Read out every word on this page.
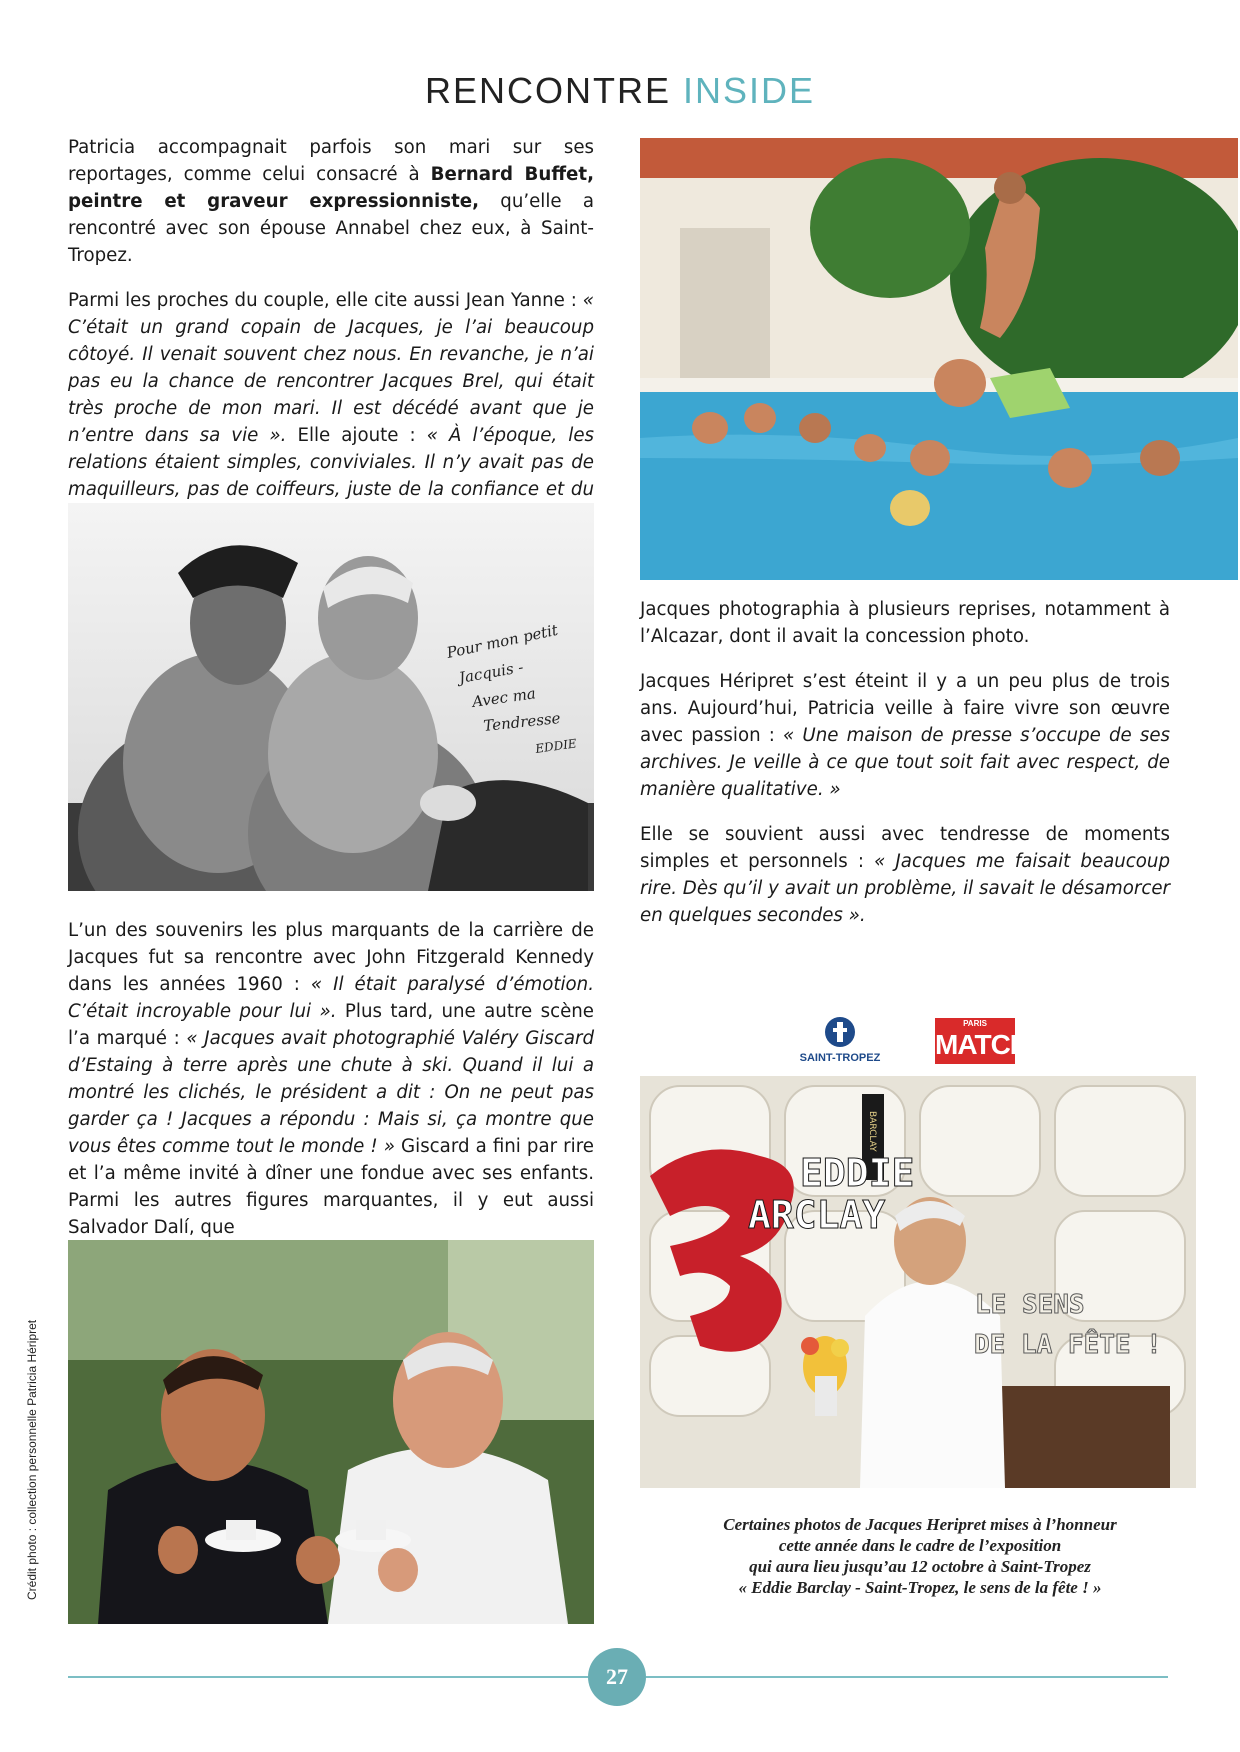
RENCONTRE INSIDE

Patricia accompagnait parfois son mari sur ses reportages, comme celui consacré à Bernard Buffet, peintre et graveur expressionniste, qu’elle a rencontré avec son épouse Annabel chez eux, à Saint-Tropez.

Parmi les proches du couple, elle cite aussi Jean Yanne : « C’était un grand copain de Jacques, je l’ai beaucoup côtoyé. Il venait souvent chez nous. En revanche, je n’ai pas eu la chance de rencontrer Jacques Brel, qui était très proche de mon mari. Il est décédé avant que je n’entre dans sa vie ». Elle ajoute : « À l’époque, les relations étaient simples, conviviales. Il n’y avait pas de maquilleurs, pas de coiffeurs, juste de la confiance et du

Pour mon petit
Jacquis -
Avec ma
Tendresse
EDDIE

L’un des souvenirs les plus marquants de la carrière de Jacques fut sa rencontre avec John Fitzgerald Kennedy dans les années 1960 : « Il était paralysé d’émotion. C’était incroyable pour lui ». Plus tard, une autre scène l’a marqué : « Jacques avait photographié Valéry Giscard d’Estaing à terre après une chute à ski. Quand il lui a montré les clichés, le président a dit : On ne peut pas garder ça ! Jacques a répondu : Mais si, ça montre que vous êtes comme tout le monde ! » Giscard a fini par rire et l’a même invité à dîner une fondue avec ses enfants. Parmi les autres figures marquantes, il y eut aussi Salvador Dalí, que

Jacques photographia à plusieurs reprises, notamment à l’Alcazar, dont il avait la concession photo.

Jacques Héripret s’est éteint il y a un peu plus de trois ans. Aujourd’hui, Patricia veille à faire vivre son œuvre avec passion : « Une maison de presse s’occupe de ses archives. Je veille à ce que tout soit fait avec respect, de manière qualitative. »

Elle se souvient aussi avec tendresse de moments simples et personnels : « Jacques me faisait beaucoup rire. Dès qu’il y avait un problème, il savait le désamorcer en quelques secondes ».

SAINT-TROPEZ
PARIS
MATCH
BARCLAY
EDDIE
ARCLAY
LE SENS
DE LA FÊTE !
Certaines photos de Jacques Heripret mises à l’honneur
cette année dans le cadre de l’exposition
qui aura lieu jusqu’au 12 octobre à Saint-Tropez
« Eddie Barclay - Saint-Tropez, le sens de la fête ! »
Crédit photo : collection personnelle Patricia Héripret
27
